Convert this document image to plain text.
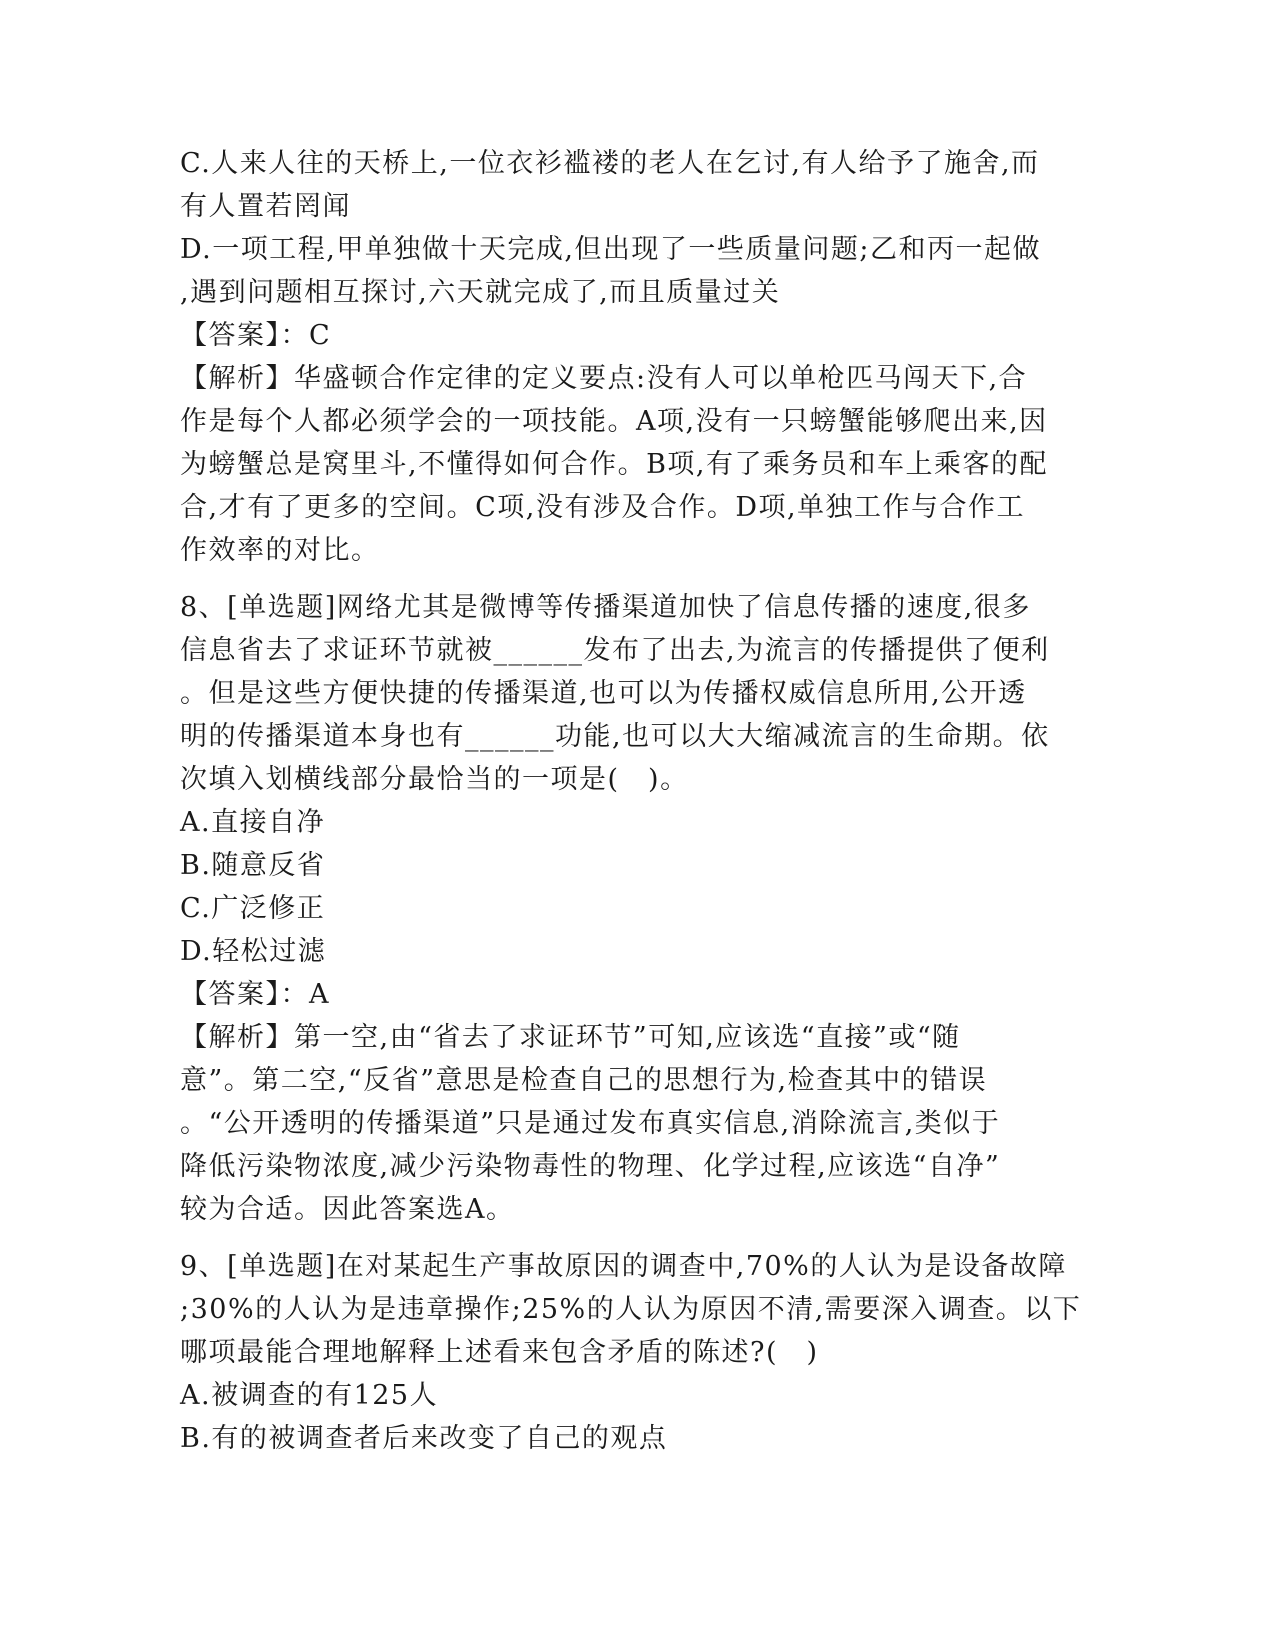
C.人来人往的天桥上,一位衣衫褴褛的老人在乞讨,有人给予了施舍,而
有人置若罔闻
D.一项工程,甲单独做十天完成,但出现了一些质量问题;乙和丙一起做
,遇到问题相互探讨,六天就完成了,而且质量过关
【答案】：C
【解析】华盛顿合作定律的定义要点:没有人可以单枪匹马闯天下,合
作是每个人都必须学会的一项技能。A项,没有一只螃蟹能够爬出来,因
为螃蟹总是窝里斗,不懂得如何合作。B项,有了乘务员和车上乘客的配
合,才有了更多的空间。C项,没有涉及合作。D项,单独工作与合作工
作效率的对比。
8、[单选题]网络尤其是微博等传播渠道加快了信息传播的速度,很多
信息省去了求证环节就被______发布了出去,为流言的传播提供了便利
。但是这些方便快捷的传播渠道,也可以为传播权威信息所用,公开透
明的传播渠道本身也有______功能,也可以大大缩减流言的生命期。依
次填入划横线部分最恰当的一项是(　)。
A.直接自净
B.随意反省
C.广泛修正
D.轻松过滤
【答案】：A
【解析】第一空,由“省去了求证环节”可知,应该选“直接”或“随
意”。第二空,“反省”意思是检查自己的思想行为,检查其中的错误
。“公开透明的传播渠道”只是通过发布真实信息,消除流言,类似于
降低污染物浓度,减少污染物毒性的物理、化学过程,应该选“自净”
较为合适。因此答案选A。
9、[单选题]在对某起生产事故原因的调查中,70%的人认为是设备故障
;30%的人认为是违章操作;25%的人认为原因不清,需要深入调查。以下
哪项最能合理地解释上述看来包含矛盾的陈述?(　)
A.被调查的有125人
B.有的被调查者后来改变了自己的观点
